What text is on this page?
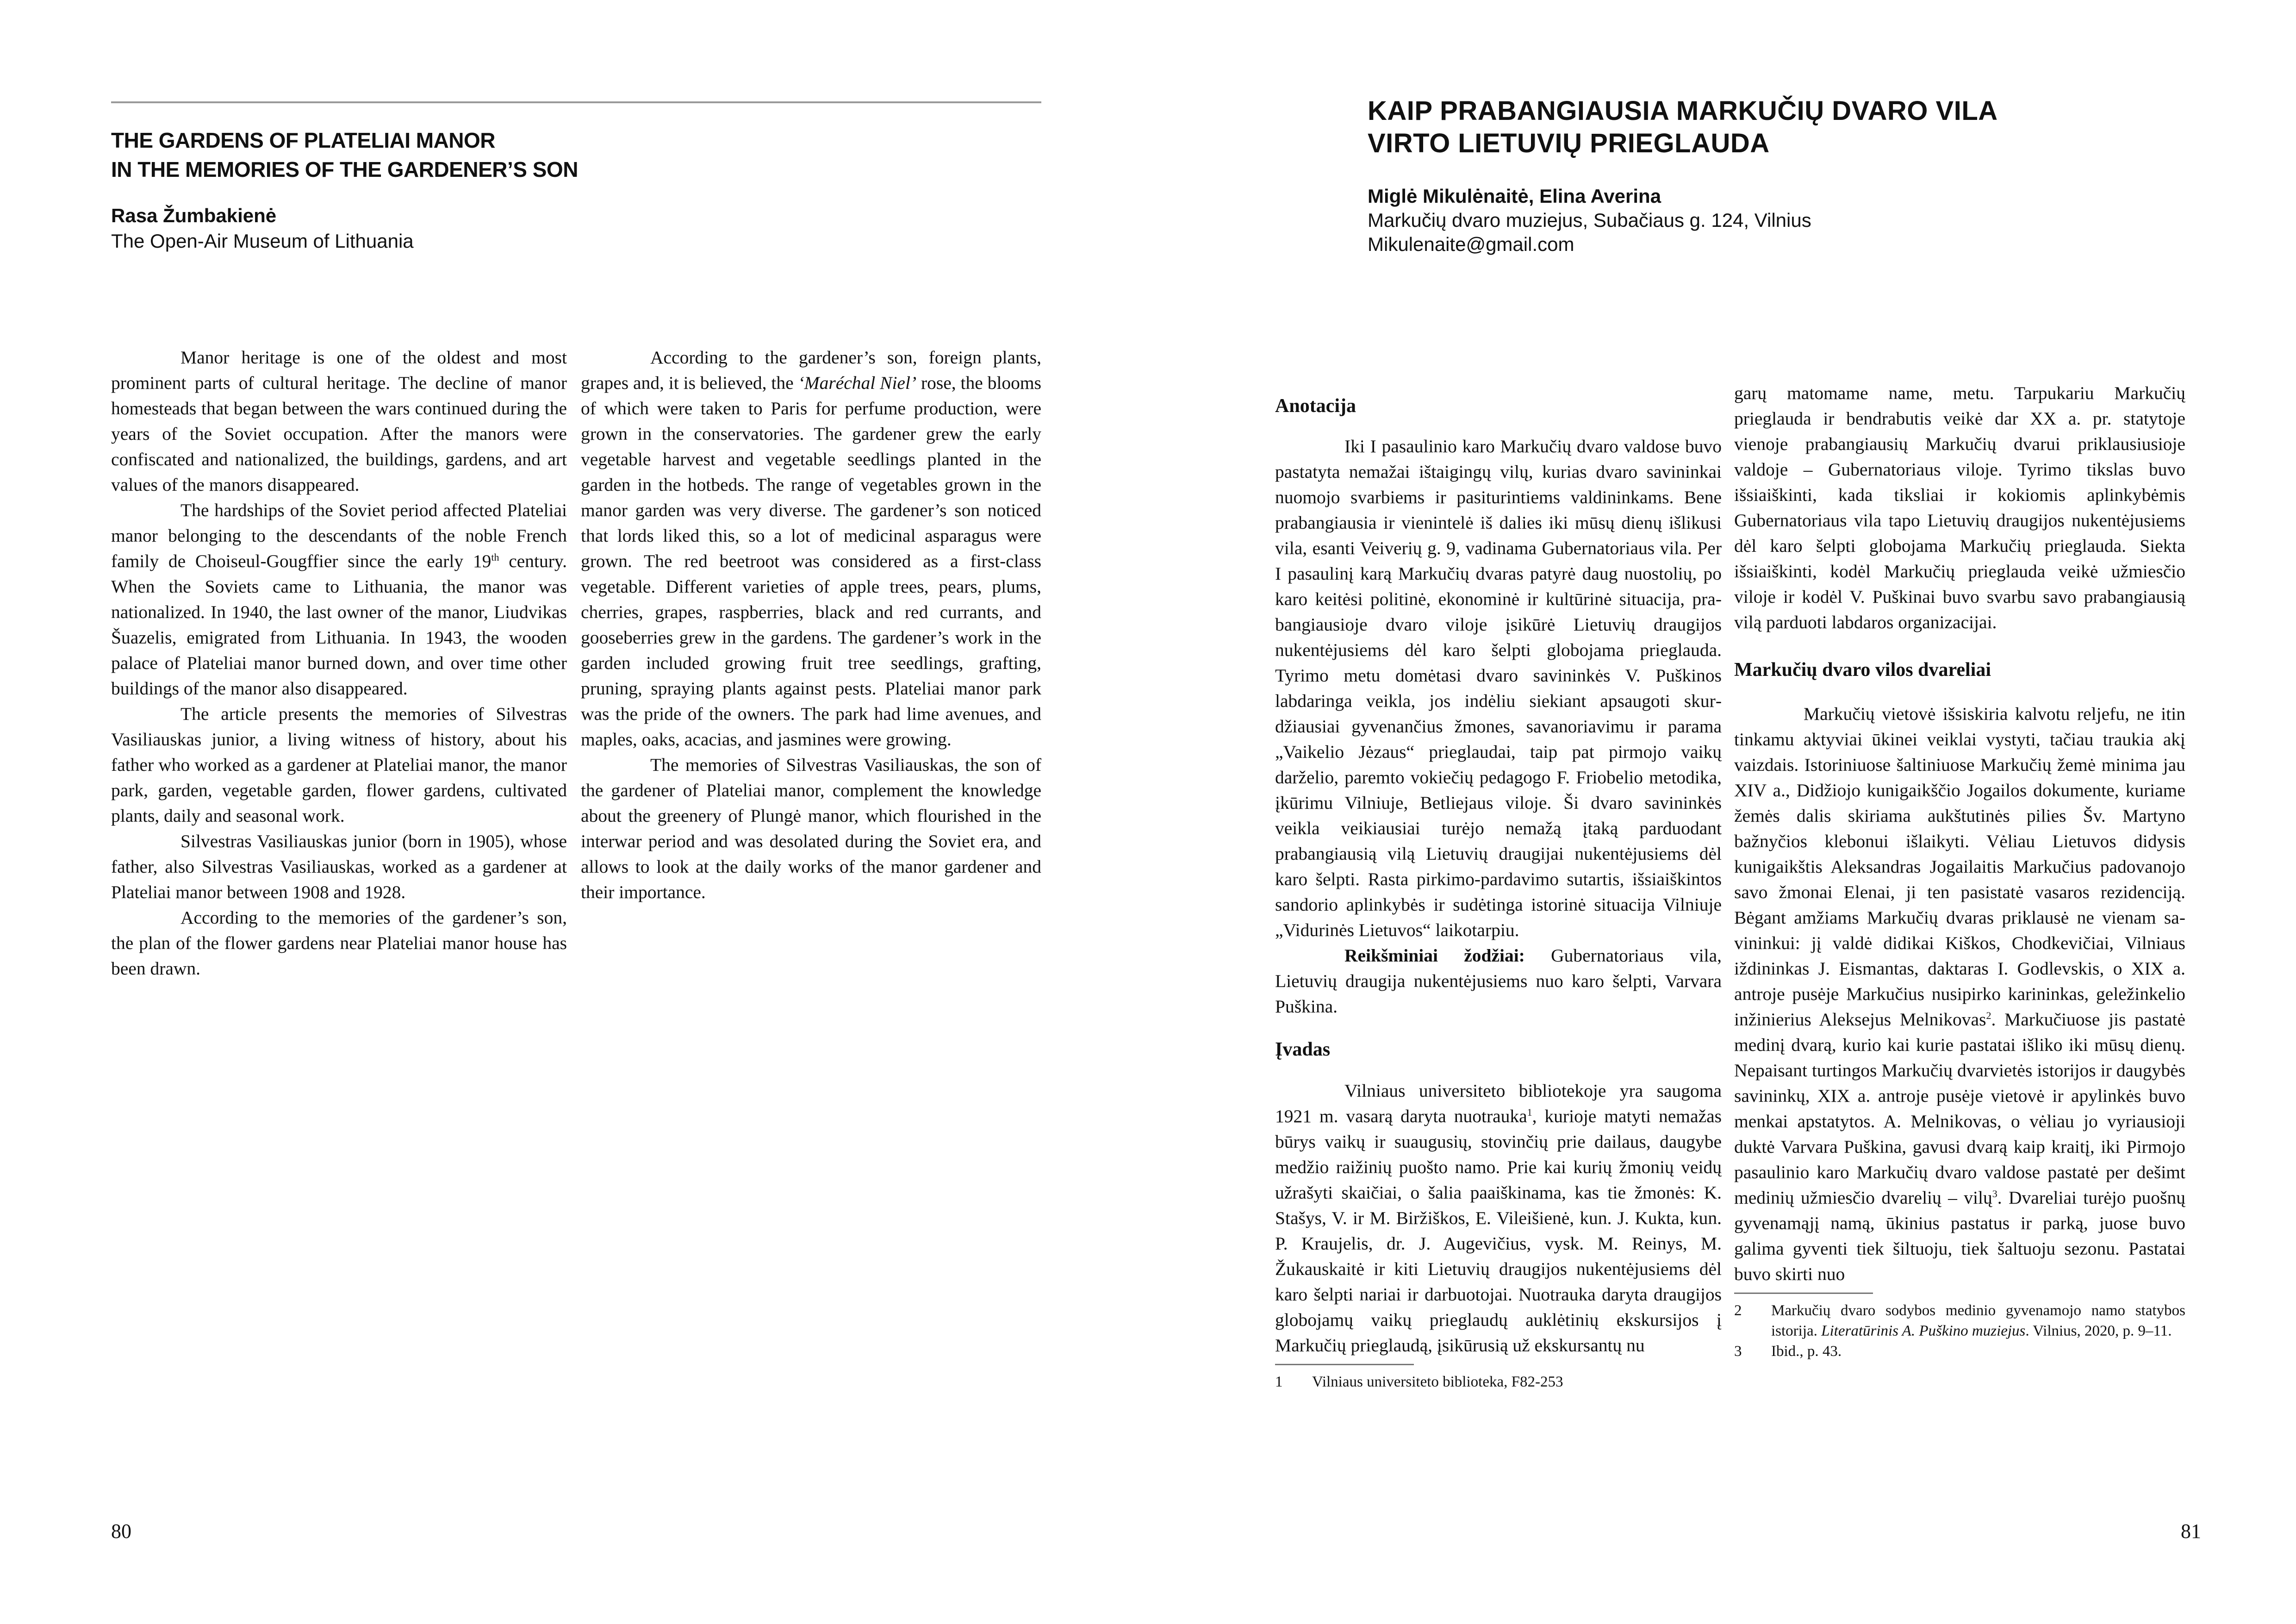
THE GARDENS OF PLATELIAI MANOR
IN THE MEMORIES OF THE GARDENER’S SON
Rasa Žumbakienė
The Open-Air Museum of Lithuania

Manor heritage is one of the oldest and most prominent parts of cultural heritage. The decline of manor homesteads that began between the wars continued during the years of the Soviet occupation. After the manors were confiscated and nationalized, the buildings, gardens, and art values of the manors disappeared.

The hardships of the Soviet period affected Plateliai manor belonging to the descendants of the noble French family de Choiseul-Gougffier since the early 19th century. When the Soviets came to Lithuania, the manor was nationalized. In 1940, the last owner of the manor, Liudvikas Šuazelis, emigrated from Lithuania. In 1943, the wooden palace of Plateliai manor burned down, and over time other buildings of the manor also disappeared.

The article presents the memories of Silvestras Vasiliauskas junior, a living witness of history, about his father who worked as a gardener at Plateliai manor, the manor park, garden, vegetable garden, flower gardens, cultivated plants, daily and seasonal work.

Silvestras Vasiliauskas junior (born in 1905), whose father, also Silvestras Vasiliauskas, worked as a gardener at Plateliai manor between 1908 and 1928.

According to the memories of the gardener’s son, the plan of the flower gardens near Plateliai manor house has been drawn.

According to the gardener’s son, foreign plants, grapes and, it is believed, the ‘Maréchal Niel’ rose, the blooms of which were taken to Paris for perfume production, were grown in the conservatories. The gardener grew the early vegetable harvest and vegetable seedlings planted in the garden in the hotbeds. The range of vegetables grown in the manor garden was very diverse. The gardener’s son noticed that lords liked this, so a lot of medicinal asparagus were grown. The red beetroot was considered as a first-class vegetable. Different varieties of apple trees, pears, plums, cherries, grapes, raspberries, black and red currants, and gooseberries grew in the gardens. The gardener’s work in the garden included growing fruit tree seedlings, grafting, pruning, spraying plants against pests. Plateliai manor park was the pride of the owners. The park had lime avenues, and maples, oaks, acacias, and jasmines were growing.

The memories of Silvestras Vasiliauskas, the son of the gardener of Plateliai manor, complement the knowledge about the greenery of Plungė manor, which flourished in the interwar period and was desolated during the Soviet era, and allows to look at the daily works of the manor gardener and their importance.

80
KAIP PRABANGIAUSIA MARKUČIŲ DVARO VILA
VIRTO LIETUVIŲ PRIEGLAUDA
Miglė Mikulėnaitė, Elina Averina
Markučių dvaro muziejus, Subačiaus g. 124, Vilnius
Mikulenaite@gmail.com
Anotacija

Iki I pasaulinio karo Markučių dvaro valdose buvo pastatyta nemažai ištaigingų vilų, kurias dvaro savininkai nuomojo svarbiems ir pasiturintiems valdininkams. Bene prabangiausia ir vienintelė iš dalies iki mūsų dienų išlikusi vila, esanti Veiverių g. 9, vadinama Gubernatoriaus vila. Per I pasaulinį karą Markučių dvaras patyrė daug nuostolių, po karo keitėsi politinė, ekonominė ir kultūrinė situacija, prabangiausioje dvaro viloje įsikūrė Lietuvių draugijos nukentėjusiems dėl karo šelpti globojama prieglauda. Tyrimo metu domėtasi dvaro savininkės V. Puškinos labdaringa veikla, jos indėliu siekiant apsaugoti skurdžiausiai gyvenančius žmones, savanoriavimu ir parama „Vaikelio Jėzaus“ prieglaudai, taip pat pirmojo vaikų darželio, paremto vokiečių pedagogo F. Friobelio metodika, įkūrimu Vilniuje, Betliejaus viloje. Ši dvaro savininkės veikla veikiausiai turėjo nemažą įtaką parduodant prabangiausią vilą Lietuvių draugijai nukentėjusiems dėl karo šelpti. Rasta pirkimo-pardavimo sutartis, išsiaiškintos sandorio aplinkybės ir sudėtinga istorinė situacija Vilniuje „Vidurinės Lietuvos“ laikotarpiu.

Reikšminiai žodžiai: Gubernatoriaus vila, Lietuvių draugija nukentėjusiems nuo karo šelpti, Varvara Puškina.

Įvadas

Vilniaus universiteto bibliotekoje yra saugoma 1921 m. vasarą daryta nuotrauka$^1$, kurioje matyti nemažas būrys vaikų ir suaugusių, stovinčių prie dailaus, daugybe medžio raižinių puošto namo. Prie kai kurių žmonių veidų užrašyti skaičiai, o šalia paaiškinama, kas tie žmonės: K. Stašys, V. ir M. Biržiškos, E. Vileišienė, kun. J. Kukta, kun. P. Kraujelis, dr. J. Augevičius, vysk. M. Reinys, M. Žukauskaitė ir kiti Lietuvių draugijos nukentėjusiems dėl karo šelpti nariai ir darbuotojai. Nuotrauka daryta draugijos globojamų vaikų prieglaudų auklėtinių ekskursijos į Markučių prieglaudą, įsikūrusią už ekskursantų nu

1	Vilniaus universiteto biblioteka, F82-253

garų matomame name, metu. Tarpukariu Markučių prieglauda ir bendrabutis veikė dar XX a. pr. statytoje vienoje prabangiausių Markučių dvarui priklausiusioje valdoje – Gubernatoriaus viloje. Tyrimo tikslas buvo išsiaiškinti, kada tiksliai ir kokiomis aplinkybėmis Gubernatoriaus vila tapo Lietuvių draugijos nukentėjusiems dėl karo šelpti globojama Markučių prieglauda. Siekta išsiaiškinti, kodėl Markučių prieglauda veikė užmiesčio viloje ir kodėl V. Puškinai buvo svarbu savo prabangiausią vilą parduoti labdaros organizacijai.

Markučių dvaro vilos dvareliai

Markučių vietovė išsiskiria kalvotu reljefu, ne itin tinkamu aktyviai ūkinei veiklai vystyti, tačiau traukia akį vaizdais. Istoriniuose šaltiniuose Markučių žemė minima jau XIV a., Didžiojo kunigaikščio Jogailos dokumente, kuriame žemės dalis skiriama aukštutinės pilies Šv. Martyno bažnyčios klebonui išlaikyti. Vėliau Lietuvos didysis kunigaikštis Aleksandras Jogailaitis Markučius padovanojo savo žmonai Elenai, ji ten pasistatė vasaros rezidenciją. Bėgant amžiams Markučių dvaras priklausė ne vienam savininkui: jį valdė didikai Kiškos, Chodkevičiai, Vilniaus iždininkas J. Eismantas, daktaras I. Godlevskis, o XIX a. antroje pusėje Markučius nusipirko karininkas, geležinkelio inžinierius Aleksejus Melnikovas$^2$. Markučiuose jis pastatė medinį dvarą, kurio kai kurie pastatai išliko iki mūsų dienų. Nepaisant turtingos Markučių dvarvietės istorijos ir daugybės savininkų, XIX a. antroje pusėje vietovė ir apylinkės buvo menkai apstatytos. A. Melnikovas, o vėliau jo vyriausioji duktė Varvara Puškina, gavusi dvarą kaip kraitį, iki Pirmojo pasaulinio karo Markučių dvaro valdose pastatė per dešimt medinių užmiesčio dvarelių – vilų$^3$. Dvareliai turėjo puošnų gyvenamąjį namą, ūkinius pastatus ir parką, juose buvo galima gyventi tiek šiltuoju, tiek šaltuoju sezonu. Pastatai buvo skirti nuo

2	Markučių dvaro sodybos medinio gyvenamojo namo statybos istorija. Literatūrinis A. Puškino muziejus. Vilnius, 2020, p. 9–11.
3	Ibid., p. 43.
81
